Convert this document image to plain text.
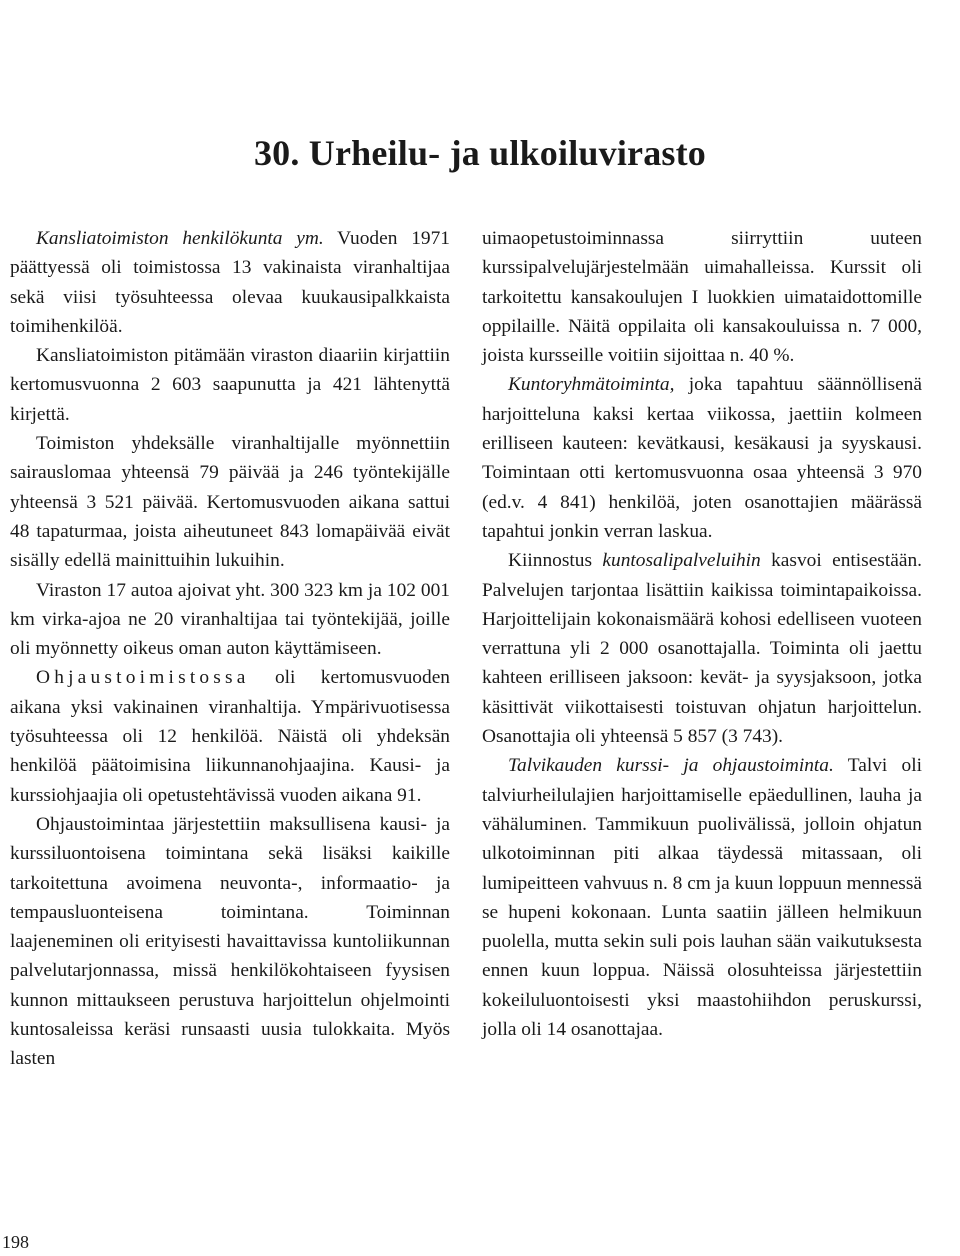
30. Urheilu- ja ulkoiluvirasto

Kansliatoimiston henkilökunta ym. Vuoden 1971 päättyessä oli toimistossa 13 vakinaista viranhaltijaa sekä viisi työsuhteessa olevaa kuukausipalkkaista toimihenkilöä.

Kansliatoimiston pitämään viraston diaariin kirjattiin kertomusvuonna 2 603 saapunutta ja 421 lähtenyttä kirjettä.

Toimiston yhdeksälle viranhaltijalle myönnettiin sairauslomaa yhteensä 79 päivää ja 246 työntekijälle yhteensä 3 521 päivää. Kertomusvuoden aikana sattui 48 tapaturmaa, joista aiheutuneet 843 lomapäivää eivät sisälly edellä mainittuihin lukuihin.

Viraston 17 autoa ajoivat yht. 300 323 km ja 102 001 km virka-ajoa ne 20 viranhaltijaa tai työntekijää, joille oli myönnetty oikeus oman auton käyttämiseen.

Ohjaustoimistossa oli kertomusvuoden aikana yksi vakinainen viranhaltija. Ympärivuotisessa työsuhteessa oli 12 henkilöä. Näistä oli yhdeksän henkilöä päätoimisina liikunnanohjaajina. Kausi- ja kurssiohjaajia oli opetustehtävissä vuoden aikana 91.

Ohjaustoimintaa järjestettiin maksullisena kausi- ja kurssiluontoisena toimintana sekä lisäksi kaikille tarkoitettuna avoimena neuvonta-, informaatio- ja tempausluonteisena toimintana. Toiminnan laajeneminen oli erityisesti havaittavissa kuntoliikunnan palvelutarjonnassa, missä henkilökohtaiseen fyysisen kunnon mittaukseen perustuva harjoittelun ohjelmointi kuntosaleissa keräsi runsaasti uusia tulokkaita. Myös lasten

uimaopetustoiminnassa siirryttiin uuteen kurssipalvelujärjestelmään uimahalleissa. Kurssit oli tarkoitettu kansakoulujen I luokkien uimataidottomille oppilaille. Näitä oppilaita oli kansakouluissa n. 7 000, joista kursseille voitiin sijoittaa n. 40 %.

Kuntoryhmätoiminta, joka tapahtuu säännöllisenä harjoitteluna kaksi kertaa viikossa, jaettiin kolmeen erilliseen kauteen: kevätkausi, kesäkausi ja syyskausi. Toimintaan otti kertomusvuonna osaa yhteensä 3 970 (ed.v. 4 841) henkilöä, joten osanottajien määrässä tapahtui jonkin verran laskua.

Kiinnostus kuntosalipalveluihin kasvoi entisestään. Palvelujen tarjontaa lisättiin kaikissa toimintapaikoissa. Harjoittelijain kokonaismäärä kohosi edelliseen vuoteen verrattuna yli 2 000 osanottajalla. Toiminta oli jaettu kahteen erilliseen jaksoon: kevät- ja syysjaksoon, jotka käsittivät viikottaisesti toistuvan ohjatun harjoittelun. Osanottajia oli yhteensä 5 857 (3 743).

Talvikauden kurssi- ja ohjaustoiminta. Talvi oli talviurheilulajien harjoittamiselle epäedullinen, lauha ja vähäluminen. Tammikuun puolivälissä, jolloin ohjatun ulkotoiminnan piti alkaa täydessä mitassaan, oli lumipeitteen vahvuus n. 8 cm ja kuun loppuun mennessä se hupeni kokonaan. Lunta saatiin jälleen helmikuun puolella, mutta sekin suli pois lauhan sään vaikutuksesta ennen kuun loppua. Näissä olosuhteissa järjestettiin kokeiluluontoisesti yksi maastohiihdon peruskurssi, jolla oli 14 osanottajaa.

198
